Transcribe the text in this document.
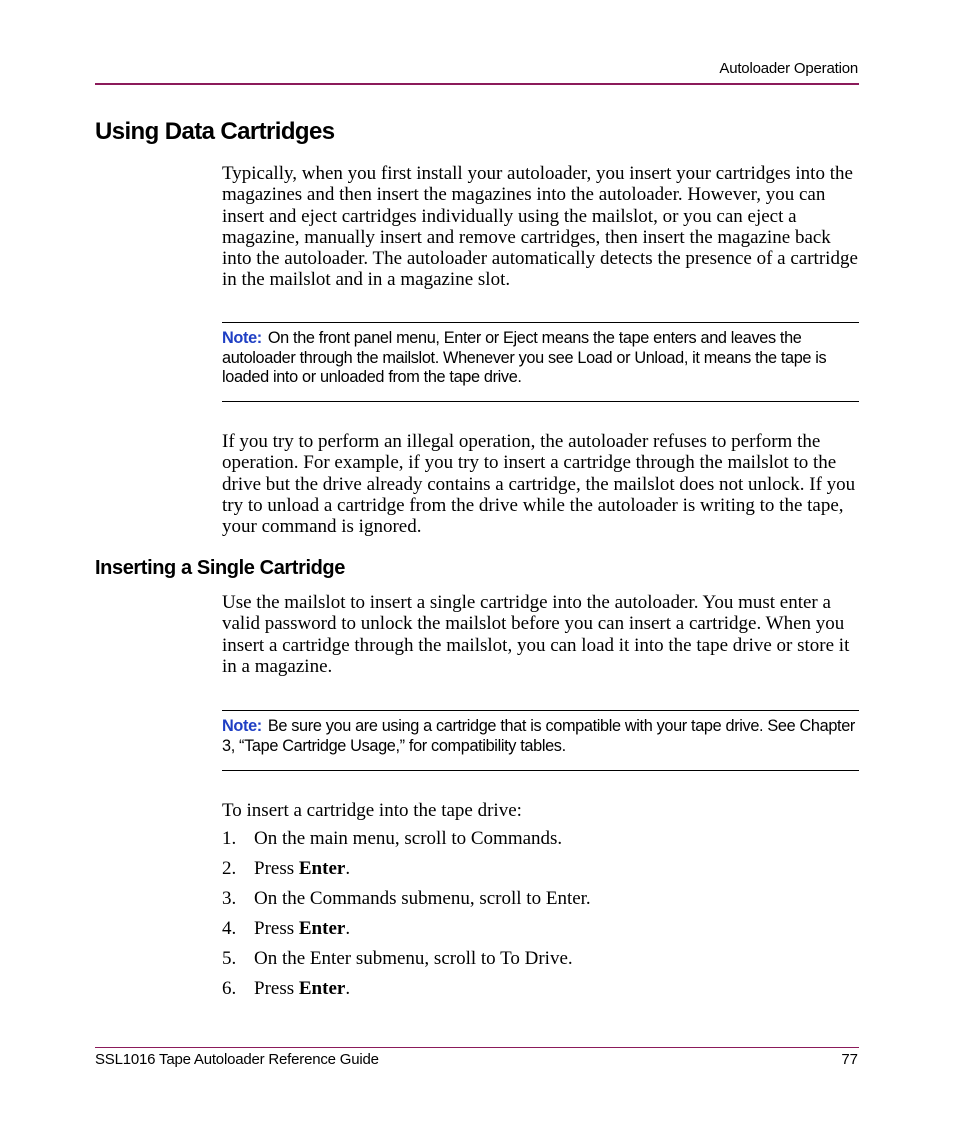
Autoloader Operation
Using Data Cartridges

Typically, when you first install your autoloader, you insert your cartridges into the magazines and then insert the magazines into the autoloader. However, you can insert and eject cartridges individually using the mailslot, or you can eject a magazine, manually insert and remove cartridges, then insert the magazine back into the autoloader. The autoloader automatically detects the presence of a cartridge in the mailslot and in a magazine slot.

Note: On the front panel menu, Enter or Eject means the tape enters and leaves the autoloader through the mailslot. Whenever you see Load or Unload, it means the tape is loaded into or unloaded from the tape drive.

If you try to perform an illegal operation, the autoloader refuses to perform the operation. For example, if you try to insert a cartridge through the mailslot to the drive but the drive already contains a cartridge, the mailslot does not unlock. If you try to unload a cartridge from the drive while the autoloader is writing to the tape, your command is ignored.

Inserting a Single Cartridge

Use the mailslot to insert a single cartridge into the autoloader. You must enter a valid password to unlock the mailslot before you can insert a cartridge. When you insert a cartridge through the mailslot, you can load it into the tape drive or store it in a magazine.

Note: Be sure you are using a cartridge that is compatible with your tape drive. See Chapter 3, “Tape Cartridge Usage,” for compatibility tables.

To insert a cartridge into the tape drive:

1. On the main menu, scroll to Commands.
2. Press Enter.
3. On the Commands submenu, scroll to Enter.
4. Press Enter.
5. On the Enter submenu, scroll to To Drive.
6. Press Enter.
SSL1016 Tape Autoloader Reference Guide	77
